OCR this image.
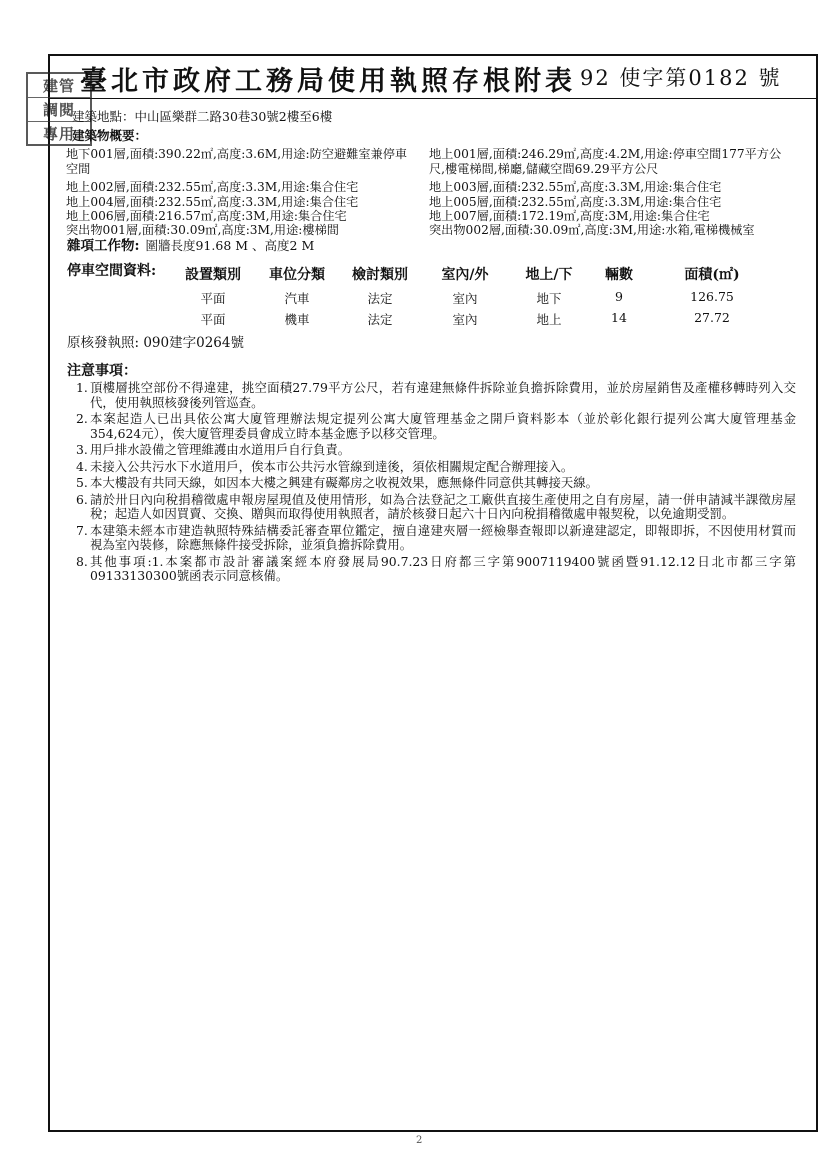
建管
調閱
專用
臺北市政府工務局使用執照存根附表 92 使字第0182 號
建築地點：中山區樂群二路30巷30號2樓至6樓
建築物概要：
地下001層,面積:390.22㎡,高度:3.6M,用途:防空避難室兼停車
空間
地上001層,面積:246.29㎡,高度:4.2M,用途:停車空間177平方公
尺,樓電梯間,梯廳,儲藏空間69.29平方公尺
地上002層,面積:232.55㎡,高度:3.3M,用途:集合住宅	地上003層,面積:232.55㎡,高度:3.3M,用途:集合住宅
地上004層,面積:232.55㎡,高度:3.3M,用途:集合住宅	地上005層,面積:232.55㎡,高度:3.3M,用途:集合住宅
地上006層,面積:216.57㎡,高度:3M,用途:集合住宅	地上007層,面積:172.19㎡,高度:3M,用途:集合住宅
突出物001層,面積:30.09㎡,高度:3M,用途:樓梯間	突出物002層,面積:30.09㎡,高度:3M,用途:水箱,電梯機械室
雜項工作物: 圍牆長度91.68 M 、高度2 M
停車空間資料:	設置類別	車位分類	檢討類別	室內/外	地上/下	輛數	面積(㎡)
平面	汽車	法定	室內	地下	9	126.75
平面	機車	法定	室內	地上	14	27.72
原核發執照: 090建字0264號
注意事項：
1. 頂樓層挑空部份不得違建，挑空面積27.79平方公尺，若有違建無條件拆除並負擔拆除費用，並於房屋銷售及產權移轉時列入交代，使用執照核發後列管巡查。
2. 本案起造人已出具依公寓大廈管理辦法規定提列公寓大廈管理基金之開戶資料影本（並於彰化銀行提列公寓大廈管理基金354,624元），俟大廈管理委員會成立時本基金應予以移交管理。
3. 用戶排水設備之管理維護由水道用戶自行負責。
4. 未接入公共污水下水道用戶，俟本市公共污水管線到達後，須依相關規定配合辦理接入。
5. 本大樓設有共同天線，如因本大樓之興建有礙鄰房之收視效果，應無條件同意供其轉接天線。
6. 請於卅日內向稅捐稽徵處申報房屋現值及使用情形，如為合法登記之工廠供直接生產使用之自有房屋，請一併申請減半課徵房屋稅；起造人如因買賣、交換、贈與而取得使用執照者，請於核發日起六十日內向稅捐稽徵處申報契稅，以免逾期受罰。
7. 本建築未經本市建造執照特殊結構委託審查單位鑑定，擅自違建夾層一經檢舉查報即以新違建認定，即報即拆，不因使用材質而視為室內裝修，除應無條件接受拆除，並須負擔拆除費用。
8. 其他事項:1.本案都市設計審議案經本府發展局90.7.23日府都三字第9007119400號函暨91.12.12日北市都三字第09133130300號函表示同意核備。
2
